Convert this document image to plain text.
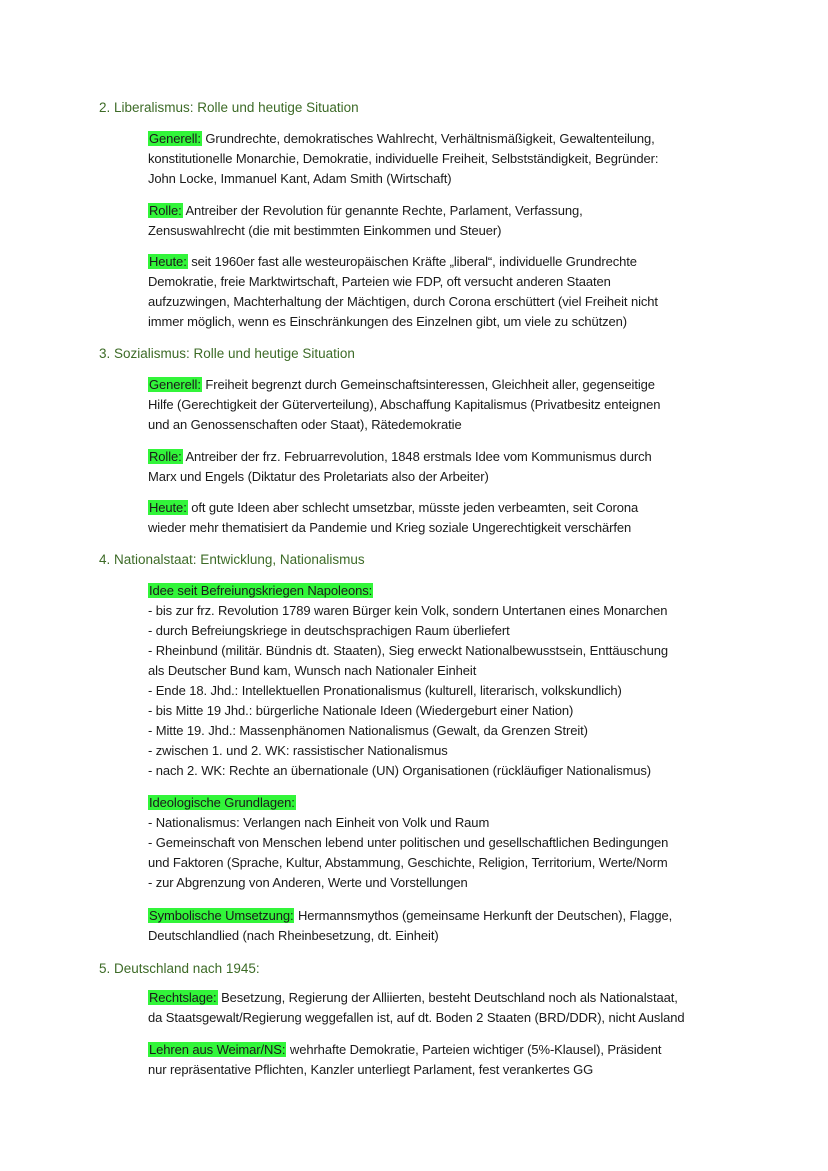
2. Liberalismus: Rolle und heutige Situation

Generell: Grundrechte, demokratisches Wahlrecht, Verhältnismäßigkeit, Gewaltenteilung,

konstitutionelle Monarchie, Demokratie, individuelle Freiheit, Selbstständigkeit, Begründer:

John Locke, Immanuel Kant, Adam Smith (Wirtschaft)

Rolle: Antreiber der Revolution für genannte Rechte, Parlament, Verfassung,

Zensuswahlrecht (die mit bestimmten Einkommen und Steuer)

Heute: seit 1960er fast alle westeuropäischen Kräfte „liberal“, individuelle Grundrechte

Demokratie, freie Marktwirtschaft, Parteien wie FDP, oft versucht anderen Staaten

aufzuzwingen, Machterhaltung der Mächtigen, durch Corona erschüttert (viel Freiheit nicht

immer möglich, wenn es Einschränkungen des Einzelnen gibt, um viele zu schützen)

3. Sozialismus: Rolle und heutige Situation

Generell: Freiheit begrenzt durch Gemeinschaftsinteressen, Gleichheit aller, gegenseitige

Hilfe (Gerechtigkeit der Güterverteilung), Abschaffung Kapitalismus (Privatbesitz enteignen

und an Genossenschaften oder Staat), Rätedemokratie

Rolle: Antreiber der frz. Februarrevolution, 1848 erstmals Idee vom Kommunismus durch

Marx und Engels (Diktatur des Proletariats also der Arbeiter)

Heute: oft gute Ideen aber schlecht umsetzbar, müsste jeden verbeamten, seit Corona

wieder mehr thematisiert da Pandemie und Krieg soziale Ungerechtigkeit verschärfen

4. Nationalstaat: Entwicklung, Nationalismus

Idee seit Befreiungskriegen Napoleons:

- bis zur frz. Revolution 1789 waren Bürger kein Volk, sondern Untertanen eines Monarchen

- durch Befreiungskriege in deutschsprachigen Raum überliefert

- Rheinbund (militär. Bündnis dt. Staaten), Sieg erweckt Nationalbewusstsein, Enttäuschung

als Deutscher Bund kam, Wunsch nach Nationaler Einheit

- Ende 18. Jhd.: Intellektuellen Pronationalismus (kulturell, literarisch, volkskundlich)

- bis Mitte 19 Jhd.: bürgerliche Nationale Ideen (Wiedergeburt einer Nation)

- Mitte 19. Jhd.: Massenphänomen Nationalismus (Gewalt, da Grenzen Streit)

- zwischen 1. und 2. WK: rassistischer Nationalismus

- nach 2. WK: Rechte an übernationale (UN) Organisationen (rückläufiger Nationalismus)

Ideologische Grundlagen:

- Nationalismus: Verlangen nach Einheit von Volk und Raum

- Gemeinschaft von Menschen lebend unter politischen und gesellschaftlichen Bedingungen

und Faktoren (Sprache, Kultur, Abstammung, Geschichte, Religion, Territorium, Werte/Norm

- zur Abgrenzung von Anderen, Werte und Vorstellungen

Symbolische Umsetzung: Hermannsmythos (gemeinsame Herkunft der Deutschen), Flagge,

Deutschlandlied (nach Rheinbesetzung, dt. Einheit)

5. Deutschland nach 1945:

Rechtslage: Besetzung, Regierung der Alliierten, besteht Deutschland noch als Nationalstaat,

da Staatsgewalt/Regierung weggefallen ist, auf dt. Boden 2 Staaten (BRD/DDR), nicht Ausland

Lehren aus Weimar/NS: wehrhafte Demokratie, Parteien wichtiger (5%-Klausel), Präsident

nur repräsentative Pflichten, Kanzler unterliegt Parlament, fest verankertes GG
